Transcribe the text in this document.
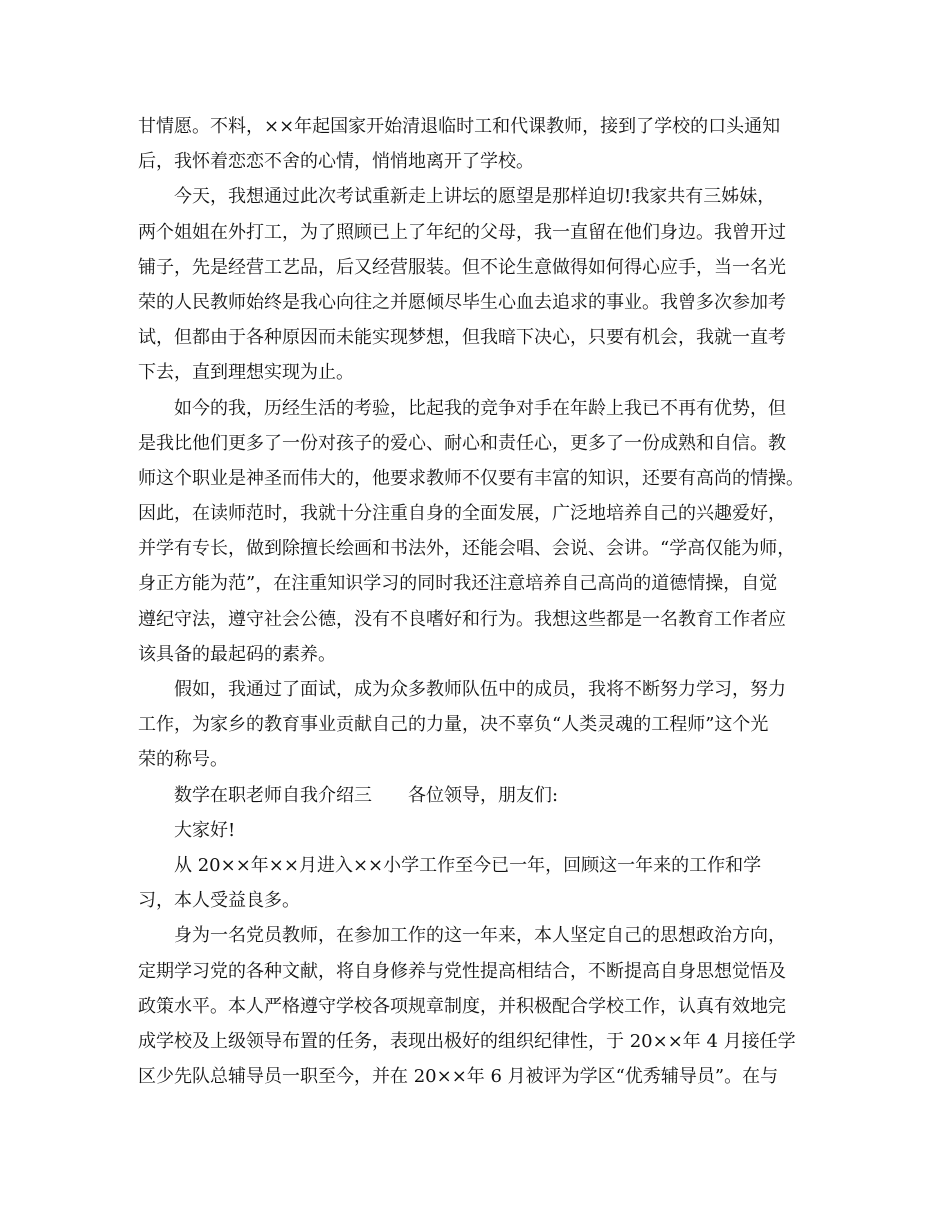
甘情愿。不料，××年起国家开始清退临时工和代课教师，接到了学校的口头通知
后，我怀着恋恋不舍的心情，悄悄地离开了学校。
今天，我想通过此次考试重新走上讲坛的愿望是那样迫切!我家共有三姊妹，
两个姐姐在外打工，为了照顾已上了年纪的父母，我一直留在他们身边。我曾开过
铺子，先是经营工艺品，后又经营服装。但不论生意做得如何得心应手，当一名光
荣的人民教师始终是我心向往之并愿倾尽毕生心血去追求的事业。我曾多次参加考
试，但都由于各种原因而未能实现梦想，但我暗下决心，只要有机会，我就一直考
下去，直到理想实现为止。
如今的我，历经生活的考验，比起我的竞争对手在年龄上我已不再有优势，但
是我比他们更多了一份对孩子的爱心、耐心和责任心，更多了一份成熟和自信。教
师这个职业是神圣而伟大的，他要求教师不仅要有丰富的知识，还要有高尚的情操。
因此，在读师范时，我就十分注重自身的全面发展，广泛地培养自己的兴趣爱好，
并学有专长，做到除擅长绘画和书法外，还能会唱、会说、会讲。“学高仅能为师，
身正方能为范”，在注重知识学习的同时我还注意培养自己高尚的道德情操，自觉
遵纪守法，遵守社会公德，没有不良嗜好和行为。我想这些都是一名教育工作者应
该具备的最起码的素养。
假如，我通过了面试，成为众多教师队伍中的成员，我将不断努力学习，努力
工作，为家乡的教育事业贡献自己的力量，决不辜负“人类灵魂的工程师”这个光
荣的称号。
数学在职老师自我介绍三　　各位领导，朋友们:
大家好!
从 20××年××月进入××小学工作至今已一年，回顾这一年来的工作和学
习，本人受益良多。
身为一名党员教师，在参加工作的这一年来，本人坚定自己的思想政治方向，
定期学习党的各种文献，将自身修养与党性提高相结合，不断提高自身思想觉悟及
政策水平。本人严格遵守学校各项规章制度，并积极配合学校工作，认真有效地完
成学校及上级领导布置的任务，表现出极好的组织纪律性，于 20××年 4 月接任学
区少先队总辅导员一职至今，并在 20××年 6 月被评为学区“优秀辅导员”。在与
